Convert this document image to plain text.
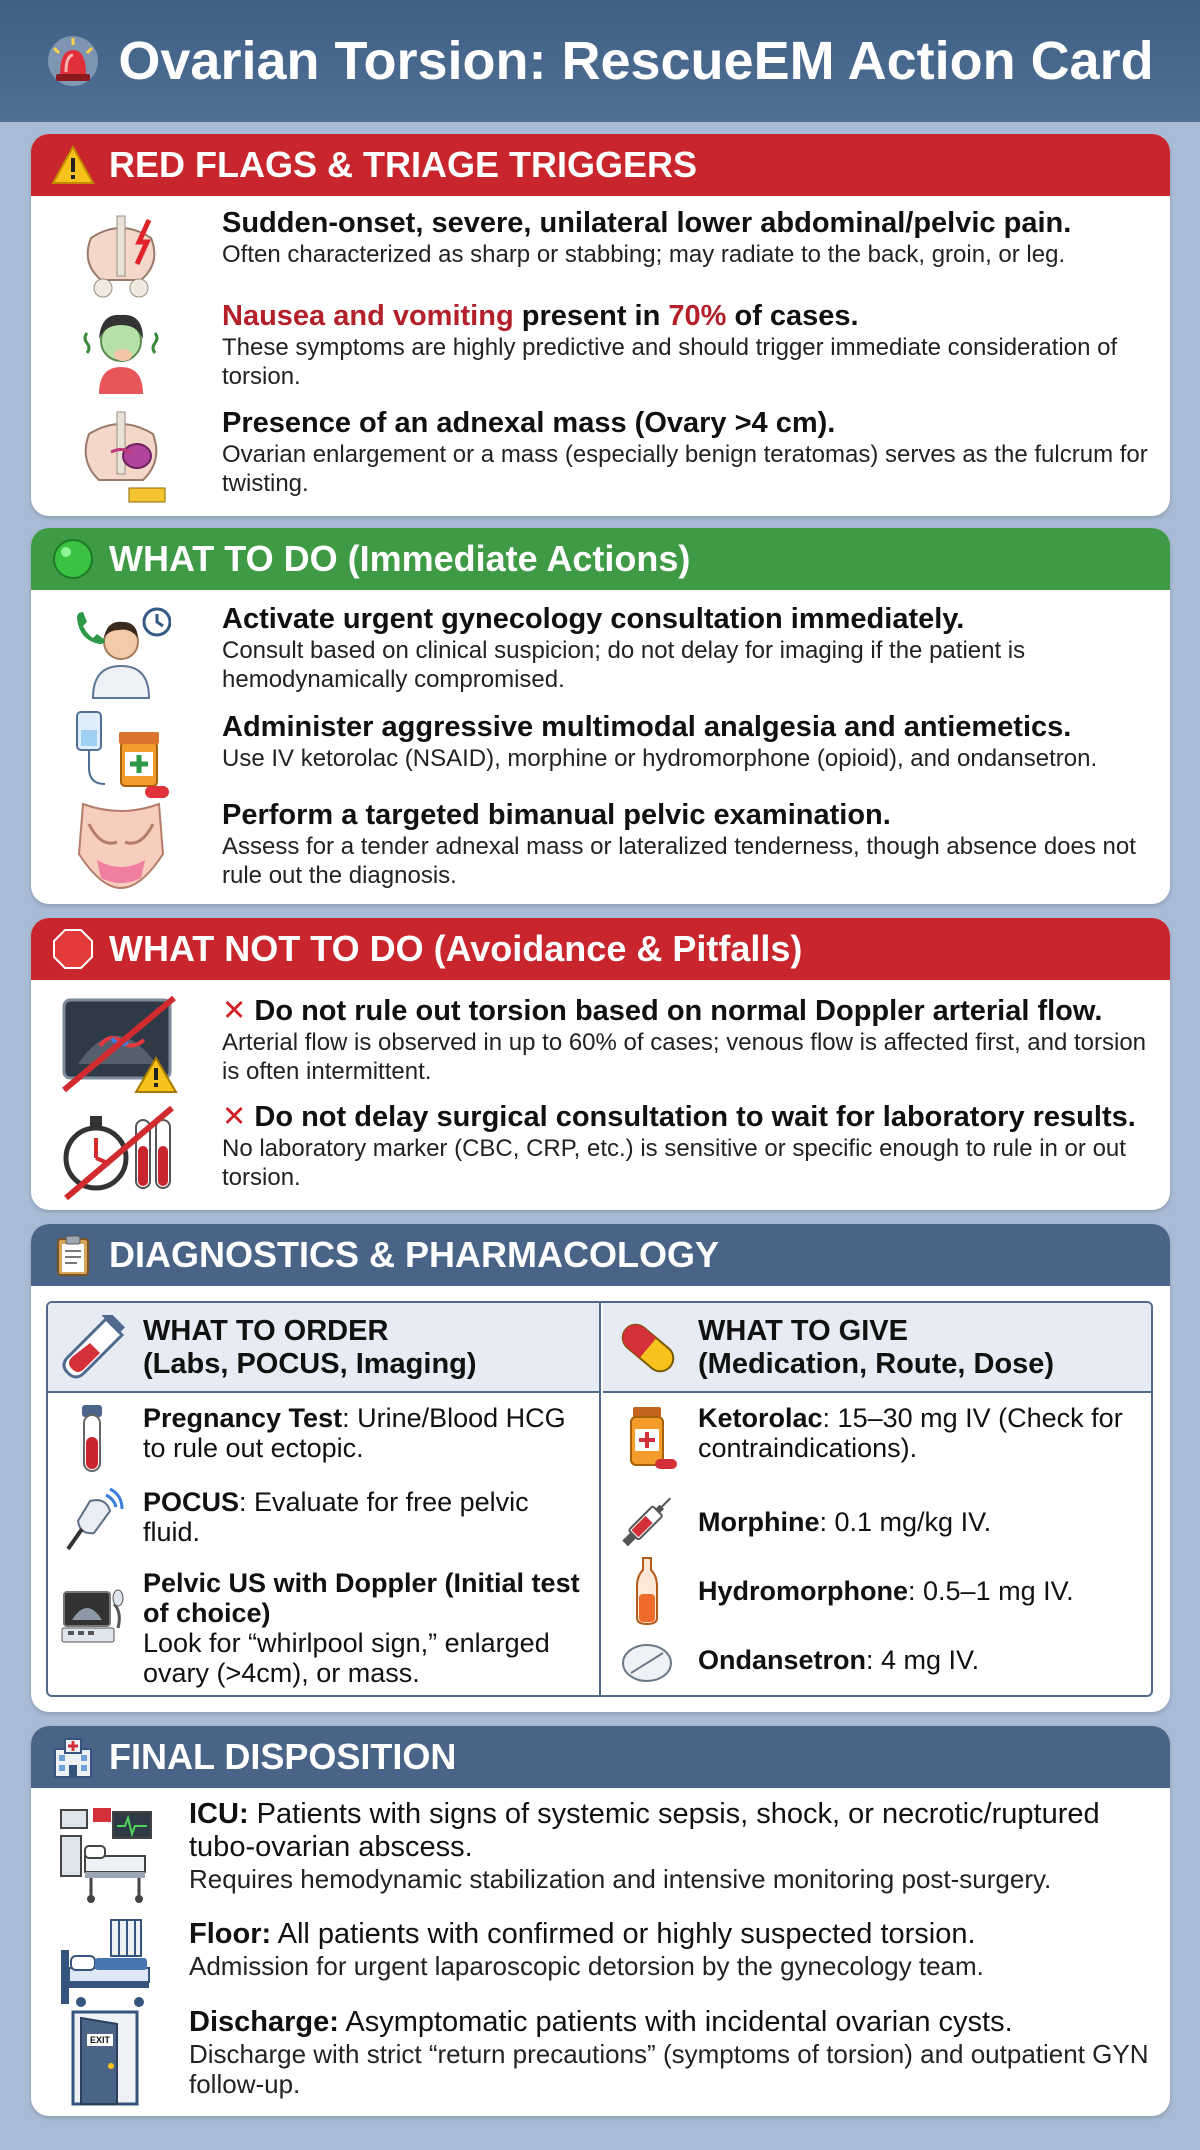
Ovarian Torsion: RescueEM Action Card
RED FLAGS & TRIAGE TRIGGERS
Sudden-onset, severe, unilateral lower abdominal/pelvic pain.
Often characterized as sharp or stabbing; may radiate to the back, groin, or leg.
Nausea and vomiting present in 70% of cases.
These symptoms are highly predictive and should trigger immediate consideration of torsion.
Presence of an adnexal mass (Ovary >4 cm).
Ovarian enlargement or a mass (especially benign teratomas) serves as the fulcrum for twisting.
WHAT TO DO (Immediate Actions)
Activate urgent gynecology consultation immediately.
Consult based on clinical suspicion; do not delay for imaging if the patient is hemodynamically compromised.
Administer aggressive multimodal analgesia and antiemetics.
Use IV ketorolac (NSAID), morphine or hydromorphone (opioid), and ondansetron.
Perform a targeted bimanual pelvic examination.
Assess for a tender adnexal mass or lateralized tenderness, though absence does not rule out the diagnosis.
WHAT NOT TO DO (Avoidance & Pitfalls)
✕ Do not rule out torsion based on normal Doppler arterial flow.
Arterial flow is observed in up to 60% of cases; venous flow is affected first, and torsion is often intermittent.
✕ Do not delay surgical consultation to wait for laboratory results.
No laboratory marker (CBC, CRP, etc.) is sensitive or specific enough to rule in or out torsion.
DIAGNOSTICS & PHARMACOLOGY
WHAT TO ORDER
(Labs, POCUS, Imaging)
Pregnancy Test: Urine/Blood HCG to rule out ectopic.
POCUS: Evaluate for free pelvic fluid.
Pelvic US with Doppler (Initial test of choice)
Look for “whirlpool sign,” enlarged ovary (>4cm), or mass.
WHAT TO GIVE
(Medication, Route, Dose)
Ketorolac: 15–30 mg IV (Check for contraindications).
Morphine: 0.1 mg/kg IV.
Hydromorphone: 0.5–1 mg IV.
Ondansetron: 4 mg IV.
FINAL DISPOSITION
ICU: Patients with signs of systemic sepsis, shock, or necrotic/ruptured tubo-ovarian abscess.
Requires hemodynamic stabilization and intensive monitoring post-surgery.
Floor: All patients with confirmed or highly suspected torsion.
Admission for urgent laparoscopic detorsion by the gynecology team.
EXIT
Discharge: Asymptomatic patients with incidental ovarian cysts.
Discharge with strict “return precautions” (symptoms of torsion) and outpatient GYN follow-up.
